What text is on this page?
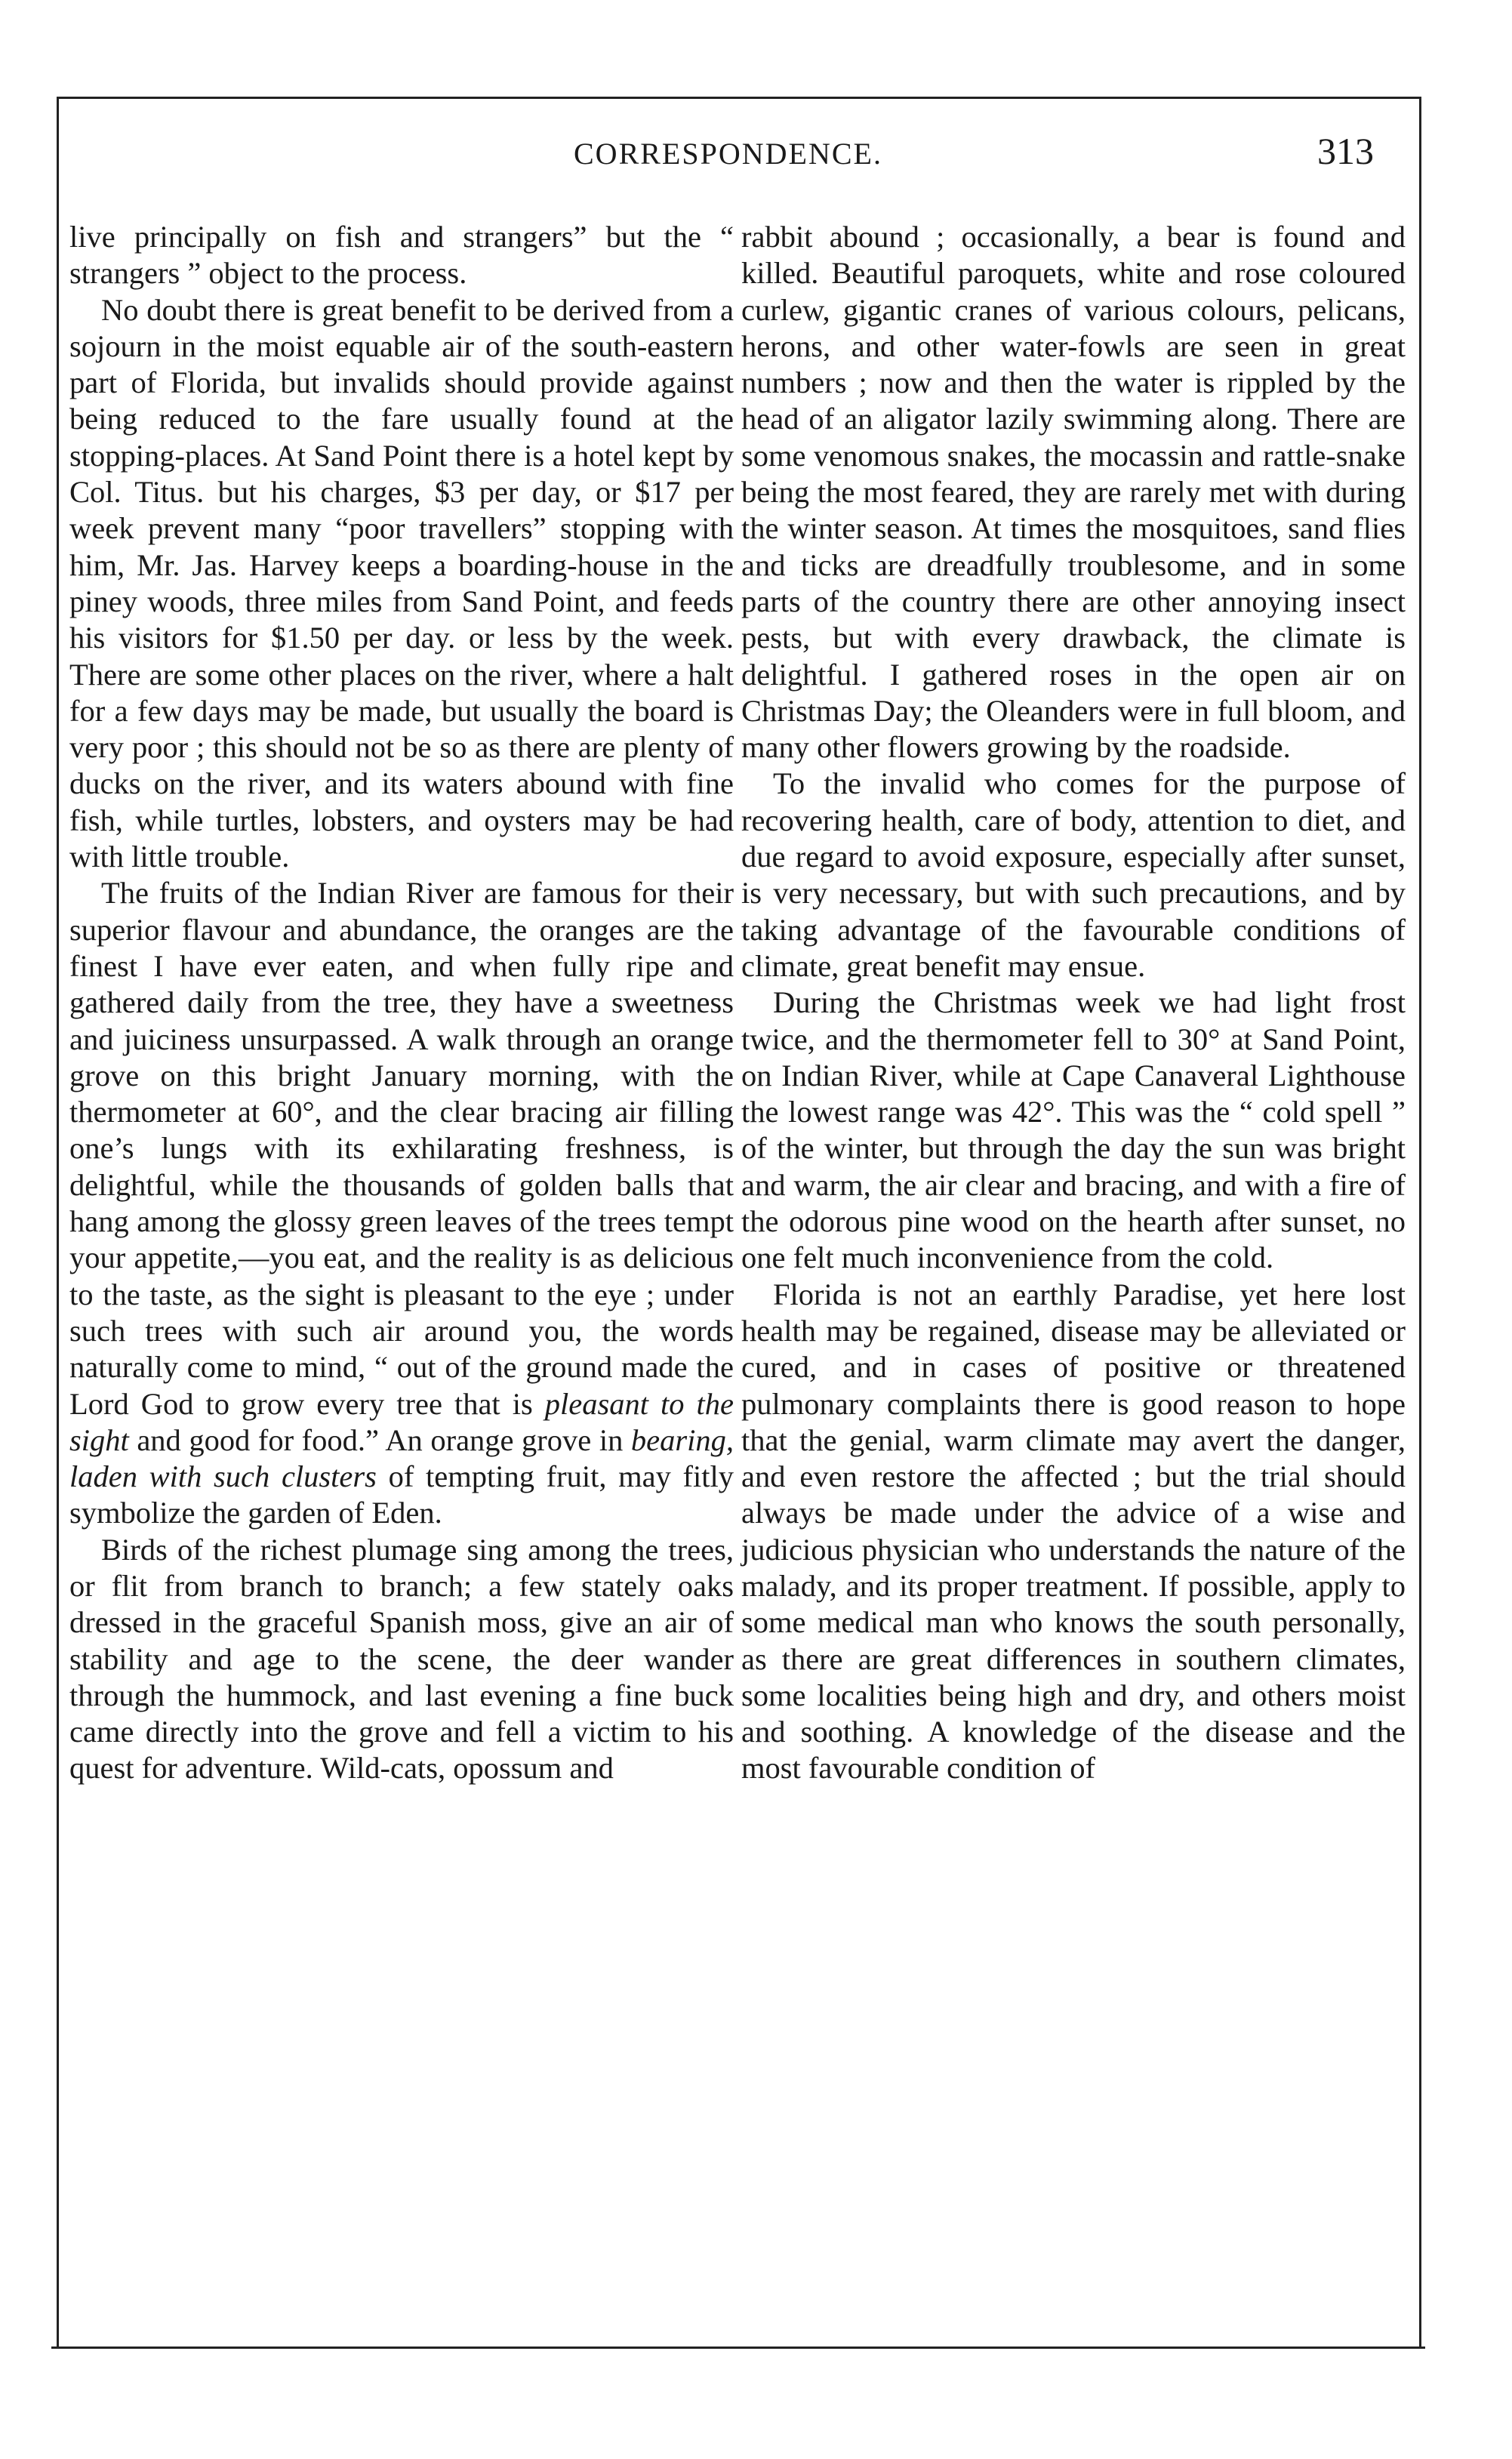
CORRESPONDENCE.	313

live principally on fish and strangers” but the “ strangers ” object to the process.

No doubt there is great benefit to be derived from a sojourn in the moist equable air of the south-eastern part of Florida, but invalids should provide against being reduced to the fare usually found at the stopping-places. At Sand Point there is a hotel kept by Col. Titus. but his charges, $3 per day, or $17 per week prevent many “poor travellers” stopping with him, Mr. Jas. Harvey keeps a boarding-house in the piney woods, three miles from Sand Point, and feeds his visitors for $1.50 per day. or less by the week. There are some other places on the river, where a halt for a few days may be made, but usually the board is very poor ; this should not be so as there are plenty of ducks on the river, and its waters abound with fine fish, while turtles, lobsters, and oysters may be had with little trouble.

The fruits of the Indian River are famous for their superior flavour and abundance, the oranges are the finest I have ever eaten, and when fully ripe and gathered daily from the tree, they have a sweetness and juiciness unsurpassed. A walk through an orange grove on this bright January morning, with the thermometer at 60°, and the clear bracing air filling one’s lungs with its exhilarating freshness, is delightful, while the thousands of golden balls that hang among the glossy green leaves of the trees tempt your appetite,—you eat, and the reality is as delicious to the taste, as the sight is pleasant to the eye ; under such trees with such air around you, the words naturally come to mind, “ out of the ground made the Lord God to grow every tree that is pleasant to the sight and good for food.” An orange grove in bearing, laden with such clusters of tempting fruit, may fitly symbolize the garden of Eden.

Birds of the richest plumage sing among the trees, or flit from branch to branch; a few stately oaks dressed in the graceful Spanish moss, give an air of stability and age to the scene, the deer wander through the hummock, and last evening a fine buck came directly into the grove and fell a victim to his quest for adventure. Wild-cats, opossum and

rabbit abound ; occasionally, a bear is found and killed. Beautiful paroquets, white and rose coloured curlew, gigantic cranes of various colours, pelicans, herons, and other water-fowls are seen in great numbers ; now and then the water is rippled by the head of an aligator lazily swimming along. There are some venomous snakes, the mocassin and rattle-snake being the most feared, they are rarely met with during the winter season. At times the mosquitoes, sand flies and ticks are dreadfully troublesome, and in some parts of the country there are other annoying insect pests, but with every drawback, the climate is delightful. I gathered roses in the open air on Christmas Day; the Oleanders were in full bloom, and many other flowers growing by the roadside.

To the invalid who comes for the purpose of recovering health, care of body, attention to diet, and due regard to avoid exposure, especially after sunset, is very necessary, but with such precautions, and by taking advantage of the favourable conditions of climate, great benefit may ensue.

During the Christmas week we had light frost twice, and the thermometer fell to 30° at Sand Point, on Indian River, while at Cape Canaveral Lighthouse the lowest range was 42°. This was the “ cold spell ” of the winter, but through the day the sun was bright and warm, the air clear and bracing, and with a fire of the odorous pine wood on the hearth after sunset, no one felt much inconvenience from the cold.

Florida is not an earthly Paradise, yet here lost health may be regained, disease may be alleviated or cured, and in cases of positive or threatened pulmonary complaints there is good reason to hope that the genial, warm climate may avert the danger, and even restore the affected ; but the trial should always be made under the advice of a wise and judicious physician who understands the nature of the malady, and its proper treatment. If possible, apply to some medical man who knows the south personally, as there are great differences in southern climates, some localities being high and dry, and others moist and soothing. A knowledge of the disease and the most favourable condition of
